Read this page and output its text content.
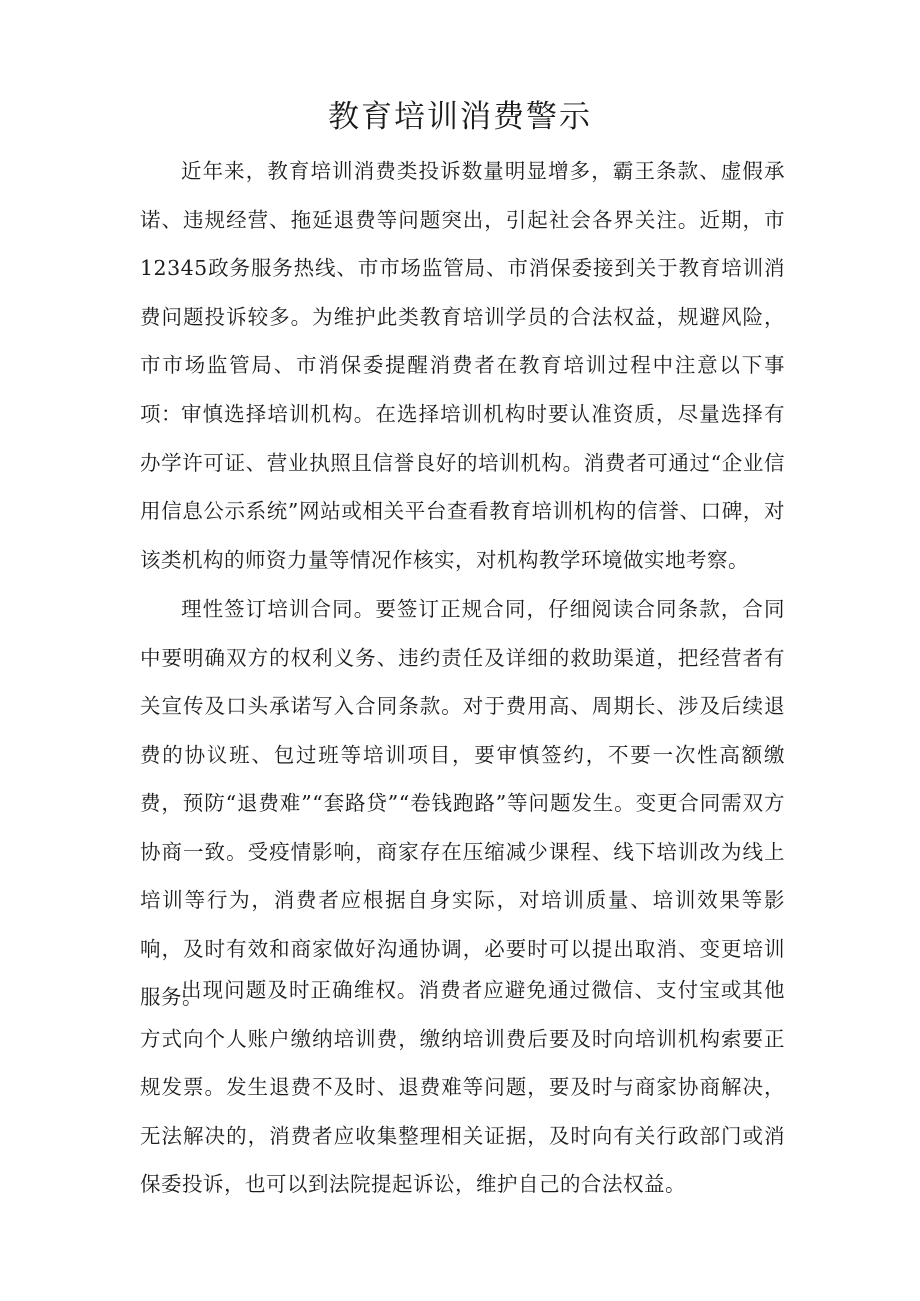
教育培训消费警示

近年来，教育培训消费类投诉数量明显增多，霸王条款、虚假承诺、违规经营、拖延退费等问题突出，引起社会各界关注。近期，市12345政务服务热线、市市场监管局、市消保委接到关于教育培训消费问题投诉较多。为维护此类教育培训学员的合法权益，规避风险，市市场监管局、市消保委提醒消费者在教育培训过程中注意以下事项： 审慎选择培训机构。在选择培训机构时要认准资质，尽量选择有办学许可证、营业执照且信誉良好的培训机构。消费者可通过“企业信用信息公示系统”网站或相关平台查看教育培训机构的信誉、口碑，对该类机构的师资力量等情况作核实，对机构教学环境做实地考察。

理性签订培训合同。要签订正规合同，仔细阅读合同条款，合同中要明确双方的权利义务、违约责任及详细的救助渠道，把经营者有关宣传及口头承诺写入合同条款。对于费用高、周期长、涉及后续退费的协议班、包过班等培训项目，要审慎签约，不要一次性高额缴费，预防“退费难”“套路贷”“卷钱跑路”等问题发生。变更合同需双方协商一致。受疫情影响，商家存在压缩减少课程、线下培训改为线上培训等行为，消费者应根据自身实际，对培训质量、培训效果等影响，及时有效和商家做好沟通协调，必要时可以提出取消、变更培训服务。

出现问题及时正确维权。消费者应避免通过微信、支付宝或其他方式向个人账户缴纳培训费，缴纳培训费后要及时向培训机构索要正规发票。发生退费不及时、退费难等问题，要及时与商家协商解决，无法解决的，消费者应收集整理相关证据，及时向有关行政部门或消保委投诉，也可以到法院提起诉讼，维护自己的合法权益。
